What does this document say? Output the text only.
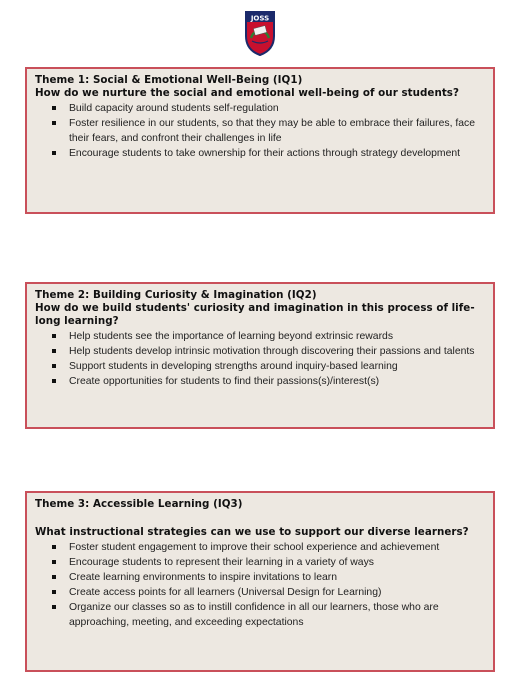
JOSS
Theme 1: Social & Emotional Well-Being (IQ1)
How do we nurture the social and emotional well-being of our students?
Build capacity around students self-regulation
Foster resilience in our students, so that they may be able to embrace their failures, face their fears, and confront their challenges in life
Encourage students to take ownership for their actions through strategy development
Theme 2: Building Curiosity & Imagination (IQ2)
How do we build students' curiosity and imagination in this process of life-long learning?
Help students see the importance of learning beyond extrinsic rewards
Help students develop intrinsic motivation through discovering their passions and talents
Support students in developing strengths around inquiry-based learning
Create opportunities for students to find their passions(s)/interest(s)
Theme 3: Accessible Learning (IQ3)
What instructional strategies can we use to support our diverse learners?
Foster student engagement to improve their school experience and achievement
Encourage students to represent their learning in a variety of ways
Create learning environments to inspire invitations to learn
Create access points for all learners (Universal Design for Learning)
Organize our classes so as to instill confidence in all our learners, those who are approaching, meeting, and exceeding expectations
